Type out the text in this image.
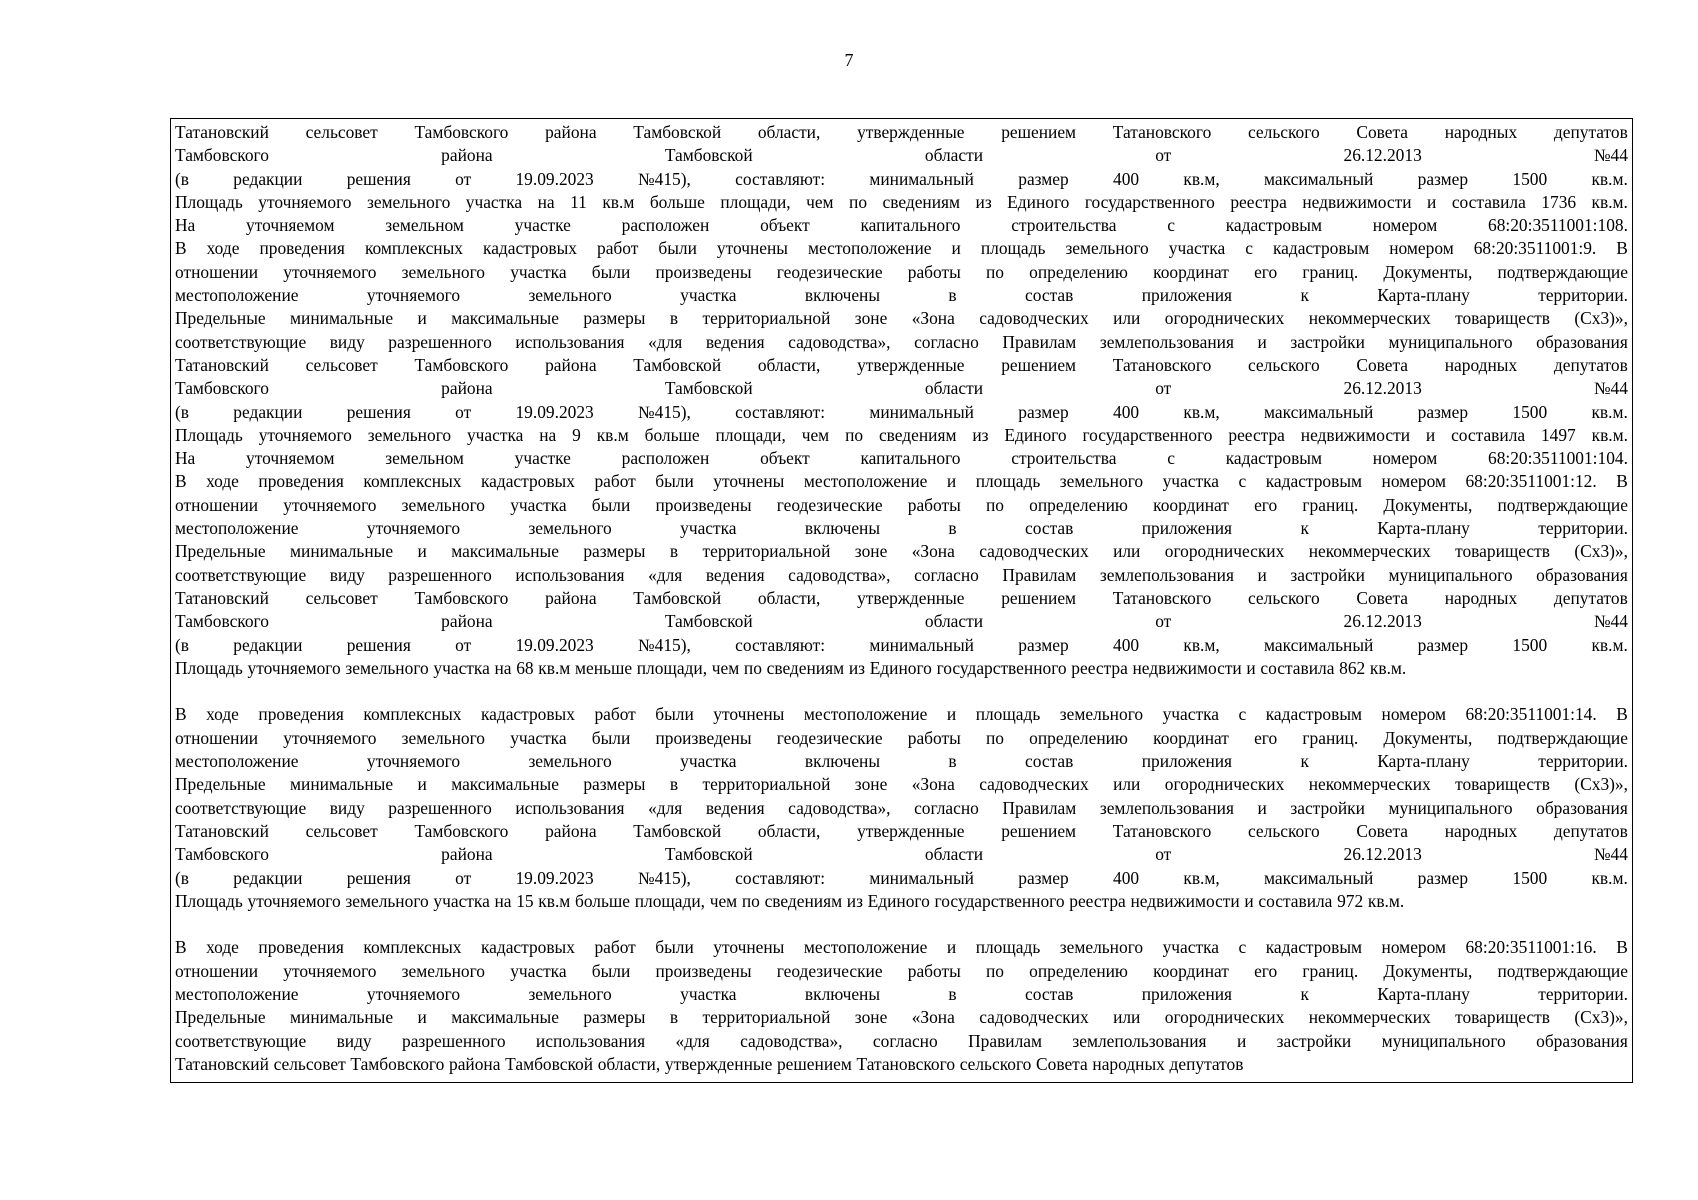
7
Татановский сельсовет Тамбовского района Тамбовской области, утвержденные решением Татановского сельского Совета народных депутатов
Тамбовского	района	Тамбовской	области	от	26.12.2013	№44
(в	редакции	решения	от	19.09.2023	№415),	составляют:	минимальный	размер	400	кв.м,	максимальный	размер	1500	кв.м.
Площадь уточняемого земельного участка на 11 кв.м больше площади, чем по сведениям из Единого государственного реестра недвижимости и составила 1736 кв.м.
На	уточняемом	земельном	участке	расположен	объект	капитального	строительства	с	кадастровым	номером	68:20:3511001:108.
В ходе проведения комплексных кадастровых работ были уточнены местоположение и площадь земельного участка с кадастровым номером 68:20:3511001:9. В
отношении уточняемого земельного участка были произведены геодезические работы по определению координат его границ. Документы, подтверждающие
местоположение	уточняемого	земельного	участка	включены	в	состав	приложения	к	Карта-плану	территории.
Предельные минимальные и максимальные размеры в территориальной зоне «Зона садоводческих или огороднических некоммерческих товариществ (Сх3)»,
соответствующие виду разрешенного использования «для ведения садоводства», согласно Правилам землепользования и застройки муниципального образования
Татановский сельсовет Тамбовского района Тамбовской области, утвержденные решением Татановского сельского Совета народных депутатов
Тамбовского	района	Тамбовской	области	от	26.12.2013	№44
(в	редакции	решения	от	19.09.2023	№415),	составляют:	минимальный	размер	400	кв.м,	максимальный	размер	1500	кв.м.
Площадь уточняемого земельного участка на 9 кв.м больше площади, чем по сведениям из Единого государственного реестра недвижимости и составила 1497 кв.м.
На	уточняемом	земельном	участке	расположен	объект	капитального	строительства	с	кадастровым	номером	68:20:3511001:104.
В ходе проведения комплексных кадастровых работ были уточнены местоположение и площадь земельного участка с кадастровым номером 68:20:3511001:12. В
отношении уточняемого земельного участка были произведены геодезические работы по определению координат его границ. Документы, подтверждающие
местоположение	уточняемого	земельного	участка	включены	в	состав	приложения	к	Карта-плану	территории.
Предельные минимальные и максимальные размеры в территориальной зоне «Зона садоводческих или огороднических некоммерческих товариществ (Сх3)»,
соответствующие виду разрешенного использования «для ведения садоводства», согласно Правилам землепользования и застройки муниципального образования
Татановский сельсовет Тамбовского района Тамбовской области, утвержденные решением Татановского сельского Совета народных депутатов
Тамбовского	района	Тамбовской	области	от	26.12.2013	№44
(в	редакции	решения	от	19.09.2023	№415),	составляют:	минимальный	размер	400	кв.м,	максимальный	размер	1500	кв.м.
Площадь уточняемого земельного участка на 68 кв.м меньше площади, чем по сведениям из Единого государственного реестра недвижимости и составила 862 кв.м.
В ходе проведения комплексных кадастровых работ были уточнены местоположение и площадь земельного участка с кадастровым номером 68:20:3511001:14. В
отношении уточняемого земельного участка были произведены геодезические работы по определению координат его границ. Документы, подтверждающие
местоположение	уточняемого	земельного	участка	включены	в	состав	приложения	к	Карта-плану	территории.
Предельные минимальные и максимальные размеры в территориальной зоне «Зона садоводческих или огороднических некоммерческих товариществ (Сх3)»,
соответствующие виду разрешенного использования «для ведения садоводства», согласно Правилам землепользования и застройки муниципального образования
Татановский сельсовет Тамбовского района Тамбовской области, утвержденные решением Татановского сельского Совета народных депутатов
Тамбовского	района	Тамбовской	области	от	26.12.2013	№44
(в	редакции	решения	от	19.09.2023	№415),	составляют:	минимальный	размер	400	кв.м,	максимальный	размер	1500	кв.м.
Площадь уточняемого земельного участка на 15 кв.м больше площади, чем по сведениям из Единого государственного реестра недвижимости и составила 972 кв.м.
В ходе проведения комплексных кадастровых работ были уточнены местоположение и площадь земельного участка с кадастровым номером 68:20:3511001:16. В
отношении уточняемого земельного участка были произведены геодезические работы по определению координат его границ. Документы, подтверждающие
местоположение	уточняемого	земельного	участка	включены	в	состав	приложения	к	Карта-плану	территории.
Предельные минимальные и максимальные размеры в территориальной зоне «Зона садоводческих или огороднических некоммерческих товариществ (Сх3)»,
соответствующие виду разрешенного использования «для садоводства», согласно Правилам землепользования и застройки муниципального образования
Татановский сельсовет Тамбовского района Тамбовской области, утвержденные решением Татановского сельского Совета народных депутатов
